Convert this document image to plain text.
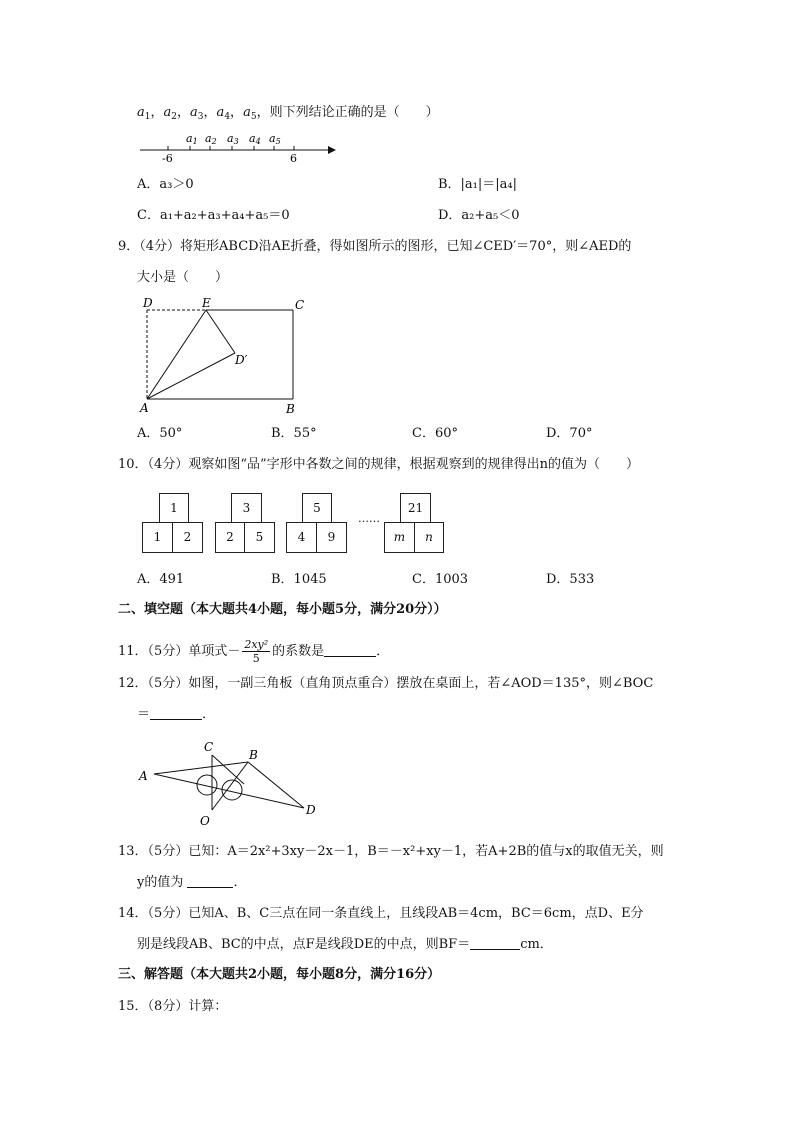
$a_1$，$a_2$，$a_3$，$a_4$，$a_5$，则下列结论正确的是（　　）
a1 a2 a3 a4 a5
-6	6
A．a₃＞0	B．|a₁|＝|a₄|
C．a₁+a₂+a₃+a₄+a₅＝0	D．a₂+a₅＜0
9．（4分）将矩形ABCD沿AE折叠，得如图所示的图形，已知∠CED′＝70°，则∠AED的
大小是（　　）
D	E	C
D′
A	B
A．50°	B．55°	C．60°	D．70°
10．（4分）观察如图“品”字形中各数之间的规律，根据观察到的规律得出n的值为（　　）
1
1	2
3
2	5
5
4	9
……
21
m	n
A．491	B．1045	C．1003	D．533
二、填空题（本大题共4小题，每小题5分，满分20分））
11．（5分）单项式－ $\frac{\text{2xy²}}{5}$ 的系数是	．
12．（5分）如图，一副三角板（直角顶点重合）摆放在桌面上，若∠AOD＝135°，则∠BOC
＝	．
A
B
C
D
O
13．（5分）已知：A＝2x²+3xy－2x－1，B＝－x²+xy－1，若A+2B的值与x的取值无关，则
y的值为	．
14．（5分）已知A、B、C三点在同一条直线上，且线段AB＝4cm，BC＝6cm，点D、E分
别是线段AB、BC的中点，点F是线段DE的中点，则BF＝	cm．
三、解答题（本大题共2小题，每小题8分，满分16分）
15．（8分）计算：
